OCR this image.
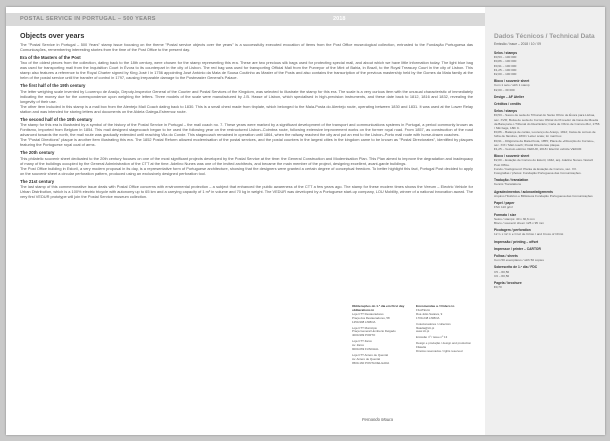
POSTAL SERVICE IN PORTUGAL – 500 YEARS	2018
Objects over years

The "Postal Service in Portugal – 500 Years" stamp issue focusing on the theme "Postal service objects over the years" is a successfully executed evocation of items from the Post Office museological collection, entrusted to the Fundação Portuguesa das Comunicações, remembering interesting stories from the time of the Post Office to the present day.

Era of the Masters of the Post

Two of the oldest pieces from the collection, dating back to the 18th century, were chosen for the stamp representing this era. These are two precious silk bags used for protecting special mail, and about which we have little information today. The light blue bag was used for transporting mail from the Inquisition Court in Évora to its counterpart in the city of Lisbon. The red bag was used for transporting Official Mail from the Purveyor of the Mint of Bahia, in Brazil, to the Royal Treasury Court in the city of Lisbon. This stamp also features a reference to the Royal Charter signed by King José I in 1756 appointing José António da Mata de Sousa Coutinho as Master of the Posts and also contains the transcription of the previous mastership held by the Gomes da Mata family at the helm of the postal service until the transfer of control in 1797, causing irreparable damage to the Postmaster General's Palace.

The first half of the 19th century

The letter weighing scale invented by Lourenço de Araújo, Deputy-Inspector General of the Courier and Postal Services of the Kingdom, was selected to illustrate the stamp for this era. The scale is a very curious item with the unusual characteristic of immediately indicating the money due for the correspondence upon weighing the letters. Three models of the scale were manufactured by J.B. Hasse of Lisbon, which specialised in high-precision instruments, and these date back to 1812, 1816 and 1832, revealing the longevity of their use.

The other item included in this stamp is a mail box from the Alentejo Mail Coach dating back to 1830. This is a small chest made from tinplate, which belonged to the Mala-Posta do Alentejo route, operating between 1830 and 1831. It was used at the Lower Relay station and was intended for storing letters and documents on the Aldeia Galega-Estremoz route.

The second half of the 19th century

The stamp for this era is illustrated by a symbol of the history of the Postal Service in Portugal – the mail coach no. 7. These years were marked by a significant development of the transport and communications systems in Portugal, a period commonly known as Fontismo, imported from Belgium in 1854. This mail designed stagecoach began to be used the following year on the restructured Lisbon–Coimbra route, following extensive improvement works on the former royal road. From 1857, as construction of the road advanced towards the north, the mail route was gradually extended until reaching Vila do Conde. This stagecoach remained in operation until 1864, when the railway reached the city and put an end to the Lisbon–Porto mail route with horse-drawn coaches.

The "Postal Directions" plaque is another item illustrating this era. The 1852 Postal Reform allowed modernisation of the postal services, and the postal counters in the largest cities in the kingdom came to be known as "Postal Directorates", identified by plaques featuring the Portuguese royal coat of arms.

The 20th century

This philatelic souvenir sheet dedicated to the 20th century focuses on one of the most significant projects developed by the Postal Service at the time: the General Construction and Modernisation Plan. This Plan aimed to improve the degradation and inadequacy of many of the buildings occupied by the General Administration of the CTT at the time. Adelino Nunes was one of the invited architects, and became the main member of the project, designing excellent, avant-garde buildings.

The Post Office building in Estoril, a very modern proposal in its day, is a representative form of Portuguese architecture, showing that the designers were granted a certain degree of conceptual freedom. To better highlight this fact, Portugal Post decided to apply on the souvenir sheet a circular perforation pattern, produced using an exclusively designed perforation tool.

The 21st century

The last stamp of this commemorative issue deals with Postal Office concerns with environmental protection – a subject that enhanced the public awareness of the CTT a few years ago. The stamp for these modern times shows the Veeum – Electric Vehicle for Urban Distribution, which is a 100% electric tricycle with autonomy up to 65 km and a carrying capacity of 1 m³ in volume and 70 kg in weight. The VEDUR was developed by a Portuguese start-up company, LOU Mobility, winner of a national innovation award. The very first VEDUR prototype will join the Postal Service museum collection.

Obliterações do 1.º dia em First day obliterations in
Loja CTT Restauradores
Praça dos Restauradores, 58
1250-998 LISBOA
Loja CTT Município
Praça General Humberto Delgado
4000-999 PORTO
Loja CTT Zarco
Av. Zarco
9000-069 FUNCHAL
Loja CTT Antero de Quental
Av. Antero de Quental
9500-160 PONTA DELGADA
Encomendas a / Orders to
FILATELIA
Rua João Saraiva, 9
1700-248 LISBOA
Colecionadores / collectors
filatelia@ctt.pt
www.ctt.pt
Emissão nº / issue nº 13
Design e produção / design and production
Filatelia
Direitos reservados / rights reserved
Fernando Moura
Dados Técnicos / Technical Data
Emissão / issue – 2018 / 10 / 09
Selos / stamps
€0,53 – 100 000
€0,86 – 100 000
€0,91 – 100 000
€1,25 – 100 000
€2,00 – 100 000
Bloco / souvenir sheet
Com 1 selo / with 1 stamp
€2,00 – 30 000
Design – AF Atelier
Créditos / credits
Selos / stamps
€0,53 – Sacos de seda do Tribunal do Santo Ofício de Évora para Lisboa, séc. XVIII; Bolsa de seda do Correio Oficial do Provedor da Casa da Moeda da Baía para o Tribunal do Real Erário; Carta de Ofício de Correio-Mor, 1756 / Silk bags, 18th C.
€0,86 – Balança de cartas, Lourenço de Araújo, 1812; Caixa de correio de folha de flandres, 1830 / Letter scale; tin mail box.
€0,91 – Diligência da Mala-Posta, 1855; Placa de «Direcção do Correio», séc. XIX / Mail coach; Postal Directorate plaque.
€1,25 – Veículo elétrico VEDUR, 2018 / Electric vehicle VEDUR.
Bloco / souvenir sheet
€2,00 – Estação de Correio do Estoril, 1942, arq. Adelino Nunes / Estoril Post Office.
Fundo / background: Planta de Estação de Correio, séc. XX.
Fotografias / photos: Fundação Portuguesa das Comunicações.
Tradução / translation
Kennis Translations
Agradecimentos / acknowledgements
Arquivo Histórico e Biblioteca Fundação Portuguesa das Comunicações
Papel / paper
FSC 110 g/m²
Formato / size
Selos / stamps: 40 x 30,6 mm
Bloco / souvenir sheet: 125 x 95 mm
Picotagem / perforation
12 ¾ x 12 ¾ e Cruz de Cristo / and Cross of Christ
Impressão / printing – offset
Impressor / printer – CARTOR
Folhas / sheets
Com 50 exemplares / with 50 copies
Sobrescrito de 1.º dia / FDC
C5 – €0,56
C6 – €0,56
Pagela / brochure
€0,70
